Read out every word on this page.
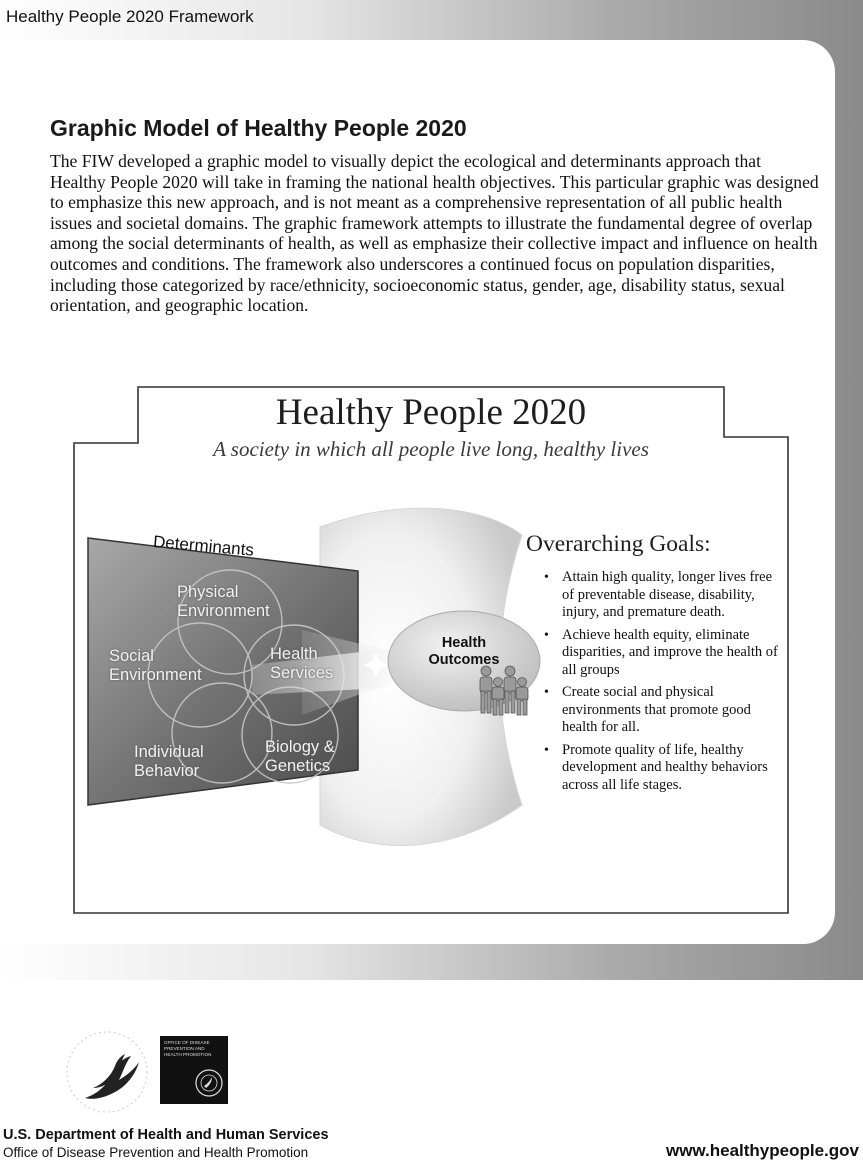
Healthy People 2020 Framework
Graphic Model of Healthy People 2020

The FIW developed a graphic model to visually depict the ecological and determinants approach that Healthy People 2020 will take in framing the national health objectives. This particular graphic was designed to emphasize this new approach, and is not meant as a comprehensive representation of all public health issues and societal domains. The graphic framework attempts to illustrate the fundamental degree of overlap among the social determinants of health, as well as emphasize their collective impact and influence on health outcomes and conditions. The framework also underscores a continued focus on population disparities, including those categorized by race/ethnicity, socioeconomic status, gender, age, disability status, sexual orientation, and geographic location.

Healthy People 2020
A society in which all people live long, healthy lives
Determinants
Physical
Environment
Social
Environment
Health
Services
Individual
Behavior
Biology &
Genetics
Health
Outcomes
Overarching Goals:
• Attain high quality, longer lives free of preventable disease, disability, injury, and premature death.
• Achieve health equity, eliminate disparities, and improve the health of all groups
• Create social and physical environments that promote good health for all.
• Promote quality of life, healthy development and healthy behaviors across all life stages.
OFFICE OF DISEASE PREVENTION AND HEALTH PROMOTION
U.S. Department of Health and Human Services
Office of Disease Prevention and Health Promotion	www.healthypeople.gov
